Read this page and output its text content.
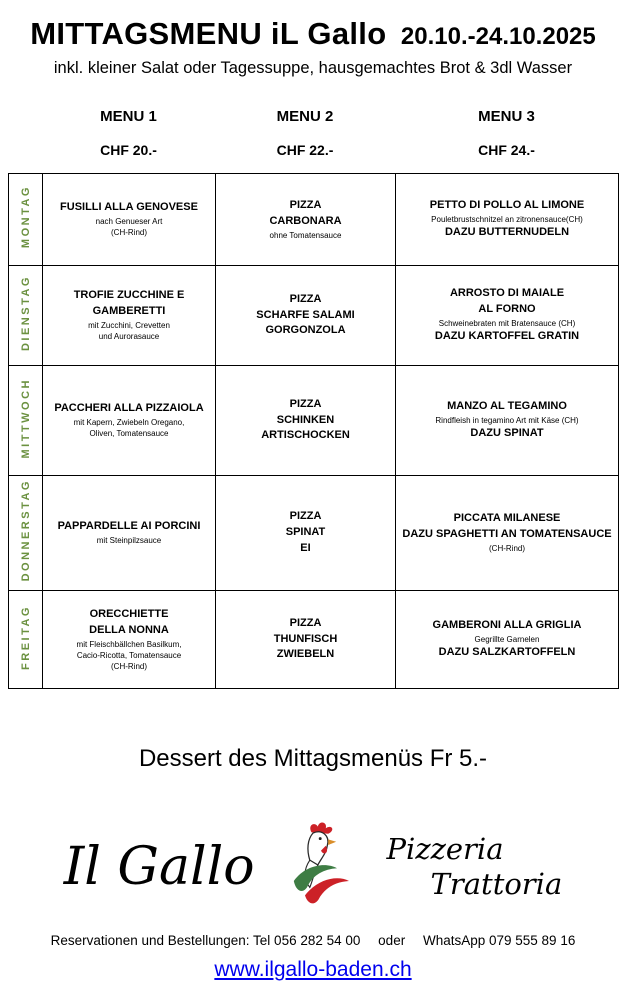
MITTAGSMENU iL Gallo 20.10.-24.10.2025
inkl. kleiner Salat oder Tagessuppe, hausgemachtes Brot & 3dl Wasser
MENU 1
CHF 20.-
MENU 2
CHF 22.-
MENU 3
CHF 24.-
MONTAG	FUSILLI ALLA GENOVESE
nach Genueser Art
(CH-Rind)

PIZZA
CARBONARA
ohne Tomatensauce

PETTO DI POLLO AL LIMONE
Pouletbrustschnitzel an zitronensauce(CH)
DAZU BUTTERNUDELN

DIENSTAG	TROFIE ZUCCHINE E
GAMBERETTI
mit Zucchini, Crevetten
und Aurorasauce

PIZZA
SCHARFE SALAMI
GORGONZOLA

ARROSTO DI MAIALE
AL FORNO
Schweinebraten mit Bratensauce (CH)
DAZU KARTOFFEL GRATIN

MITTWOCH	PACCHERI ALLA PIZZAIOLA
mit Kapern, Zwiebeln Oregano,
Oliven, Tomatensauce

PIZZA
SCHINKEN
ARTISCHOCKEN

MANZO AL TEGAMINO
Rindfleish in tegamino Art mit Käse (CH)
DAZU SPINAT

DONNERSTAG	PAPPARDELLE AI PORCINI
mit Steinpilzsauce

PIZZA
SPINAT
EI

PICCATA MILANESE
DAZU SPAGHETTI AN TOMATENSAUCE
(CH-Rind)

FREITAG	ORECCHIETTE
DELLA NONNA
mit Fleischbällchen Basilkum,
Cacio-Ricotta, Tomatensauce
(CH-Rind)

PIZZA
THUNFISCH
ZWIEBELN

GAMBERONI ALLA GRIGLIA
Gegrillte Garnelen
DAZU SALZKARTOFFELN
Dessert des Mittagsmenüs Fr 5.-
Il Gallo	Pizzeria
Trattoria
Reservationen und Bestellungen: Tel 056 282 54 00 oder WhatsApp 079 555 89 16
www.ilgallo-baden.ch
